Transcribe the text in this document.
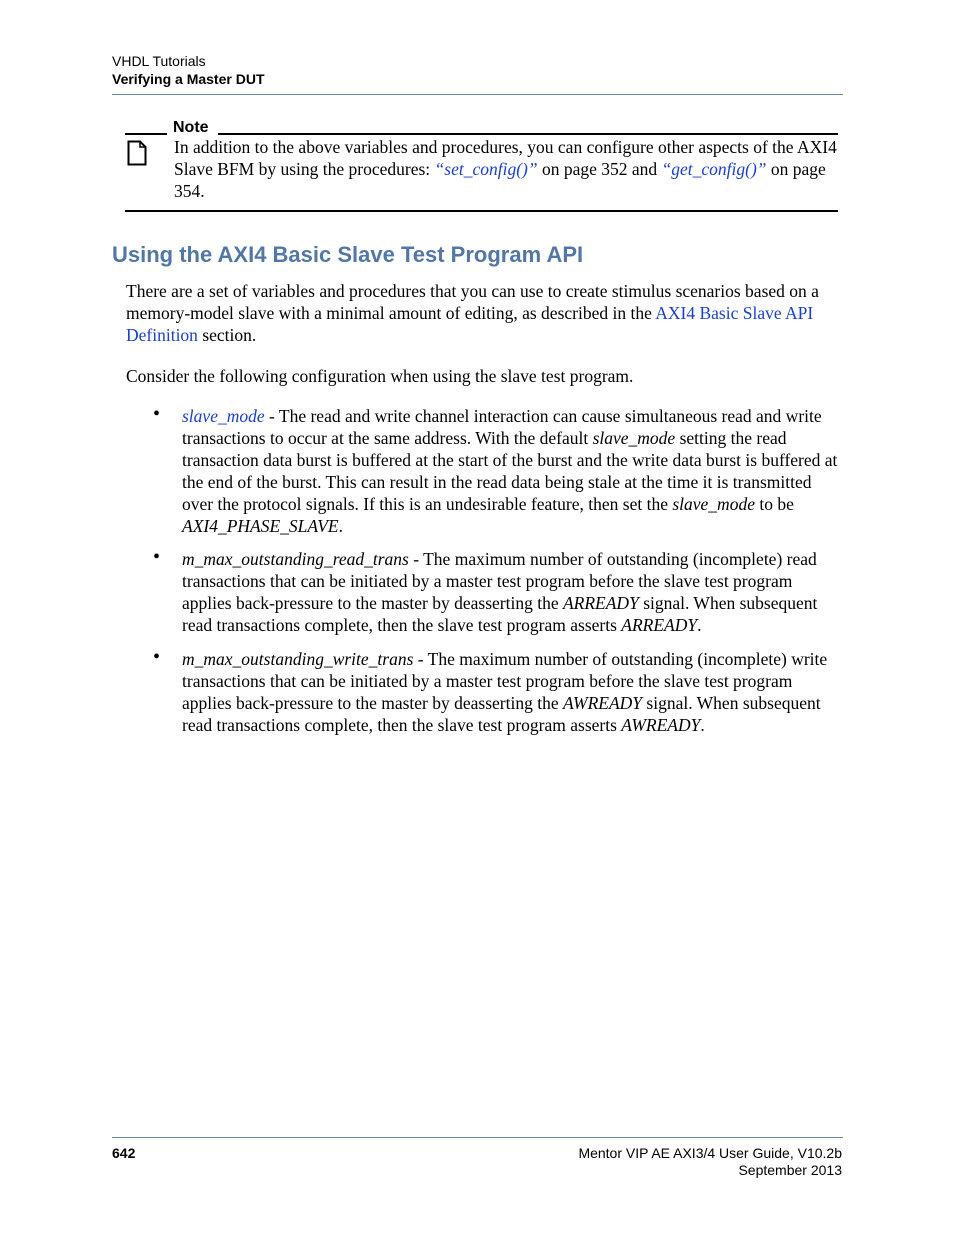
VHDL Tutorials
Verifying a Master DUT
Note
In addition to the above variables and procedures, you can configure other aspects of the AXI4 Slave BFM by using the procedures: “set_config()” on page 352 and “get_config()” on page 354.
Using the AXI4 Basic Slave Test Program API

There are a set of variables and procedures that you can use to create stimulus scenarios based on a memory-model slave with a minimal amount of editing, as described in the AXI4 Basic Slave API Definition section.

Consider the following configuration when using the slave test program.

• slave_mode - The read and write channel interaction can cause simultaneous read and write transactions to occur at the same address. With the default slave_mode setting the read transaction data burst is buffered at the start of the burst and the write data burst is buffered at the end of the burst. This can result in the read data being stale at the time it is transmitted over the protocol signals. If this is an undesirable feature, then set the slave_mode to be AXI4_PHASE_SLAVE.
• m_max_outstanding_read_trans - The maximum number of outstanding (incomplete) read transactions that can be initiated by a master test program before the slave test program applies back-pressure to the master by deasserting the ARREADY signal. When subsequent read transactions complete, then the slave test program asserts ARREADY.
• m_max_outstanding_write_trans - The maximum number of outstanding (incomplete) write transactions that can be initiated by a master test program before the slave test program applies back-pressure to the master by deasserting the AWREADY signal. When subsequent read transactions complete, then the slave test program asserts AWREADY.
642	Mentor VIP AE AXI3/4 User Guide, V10.2b
September 2013
